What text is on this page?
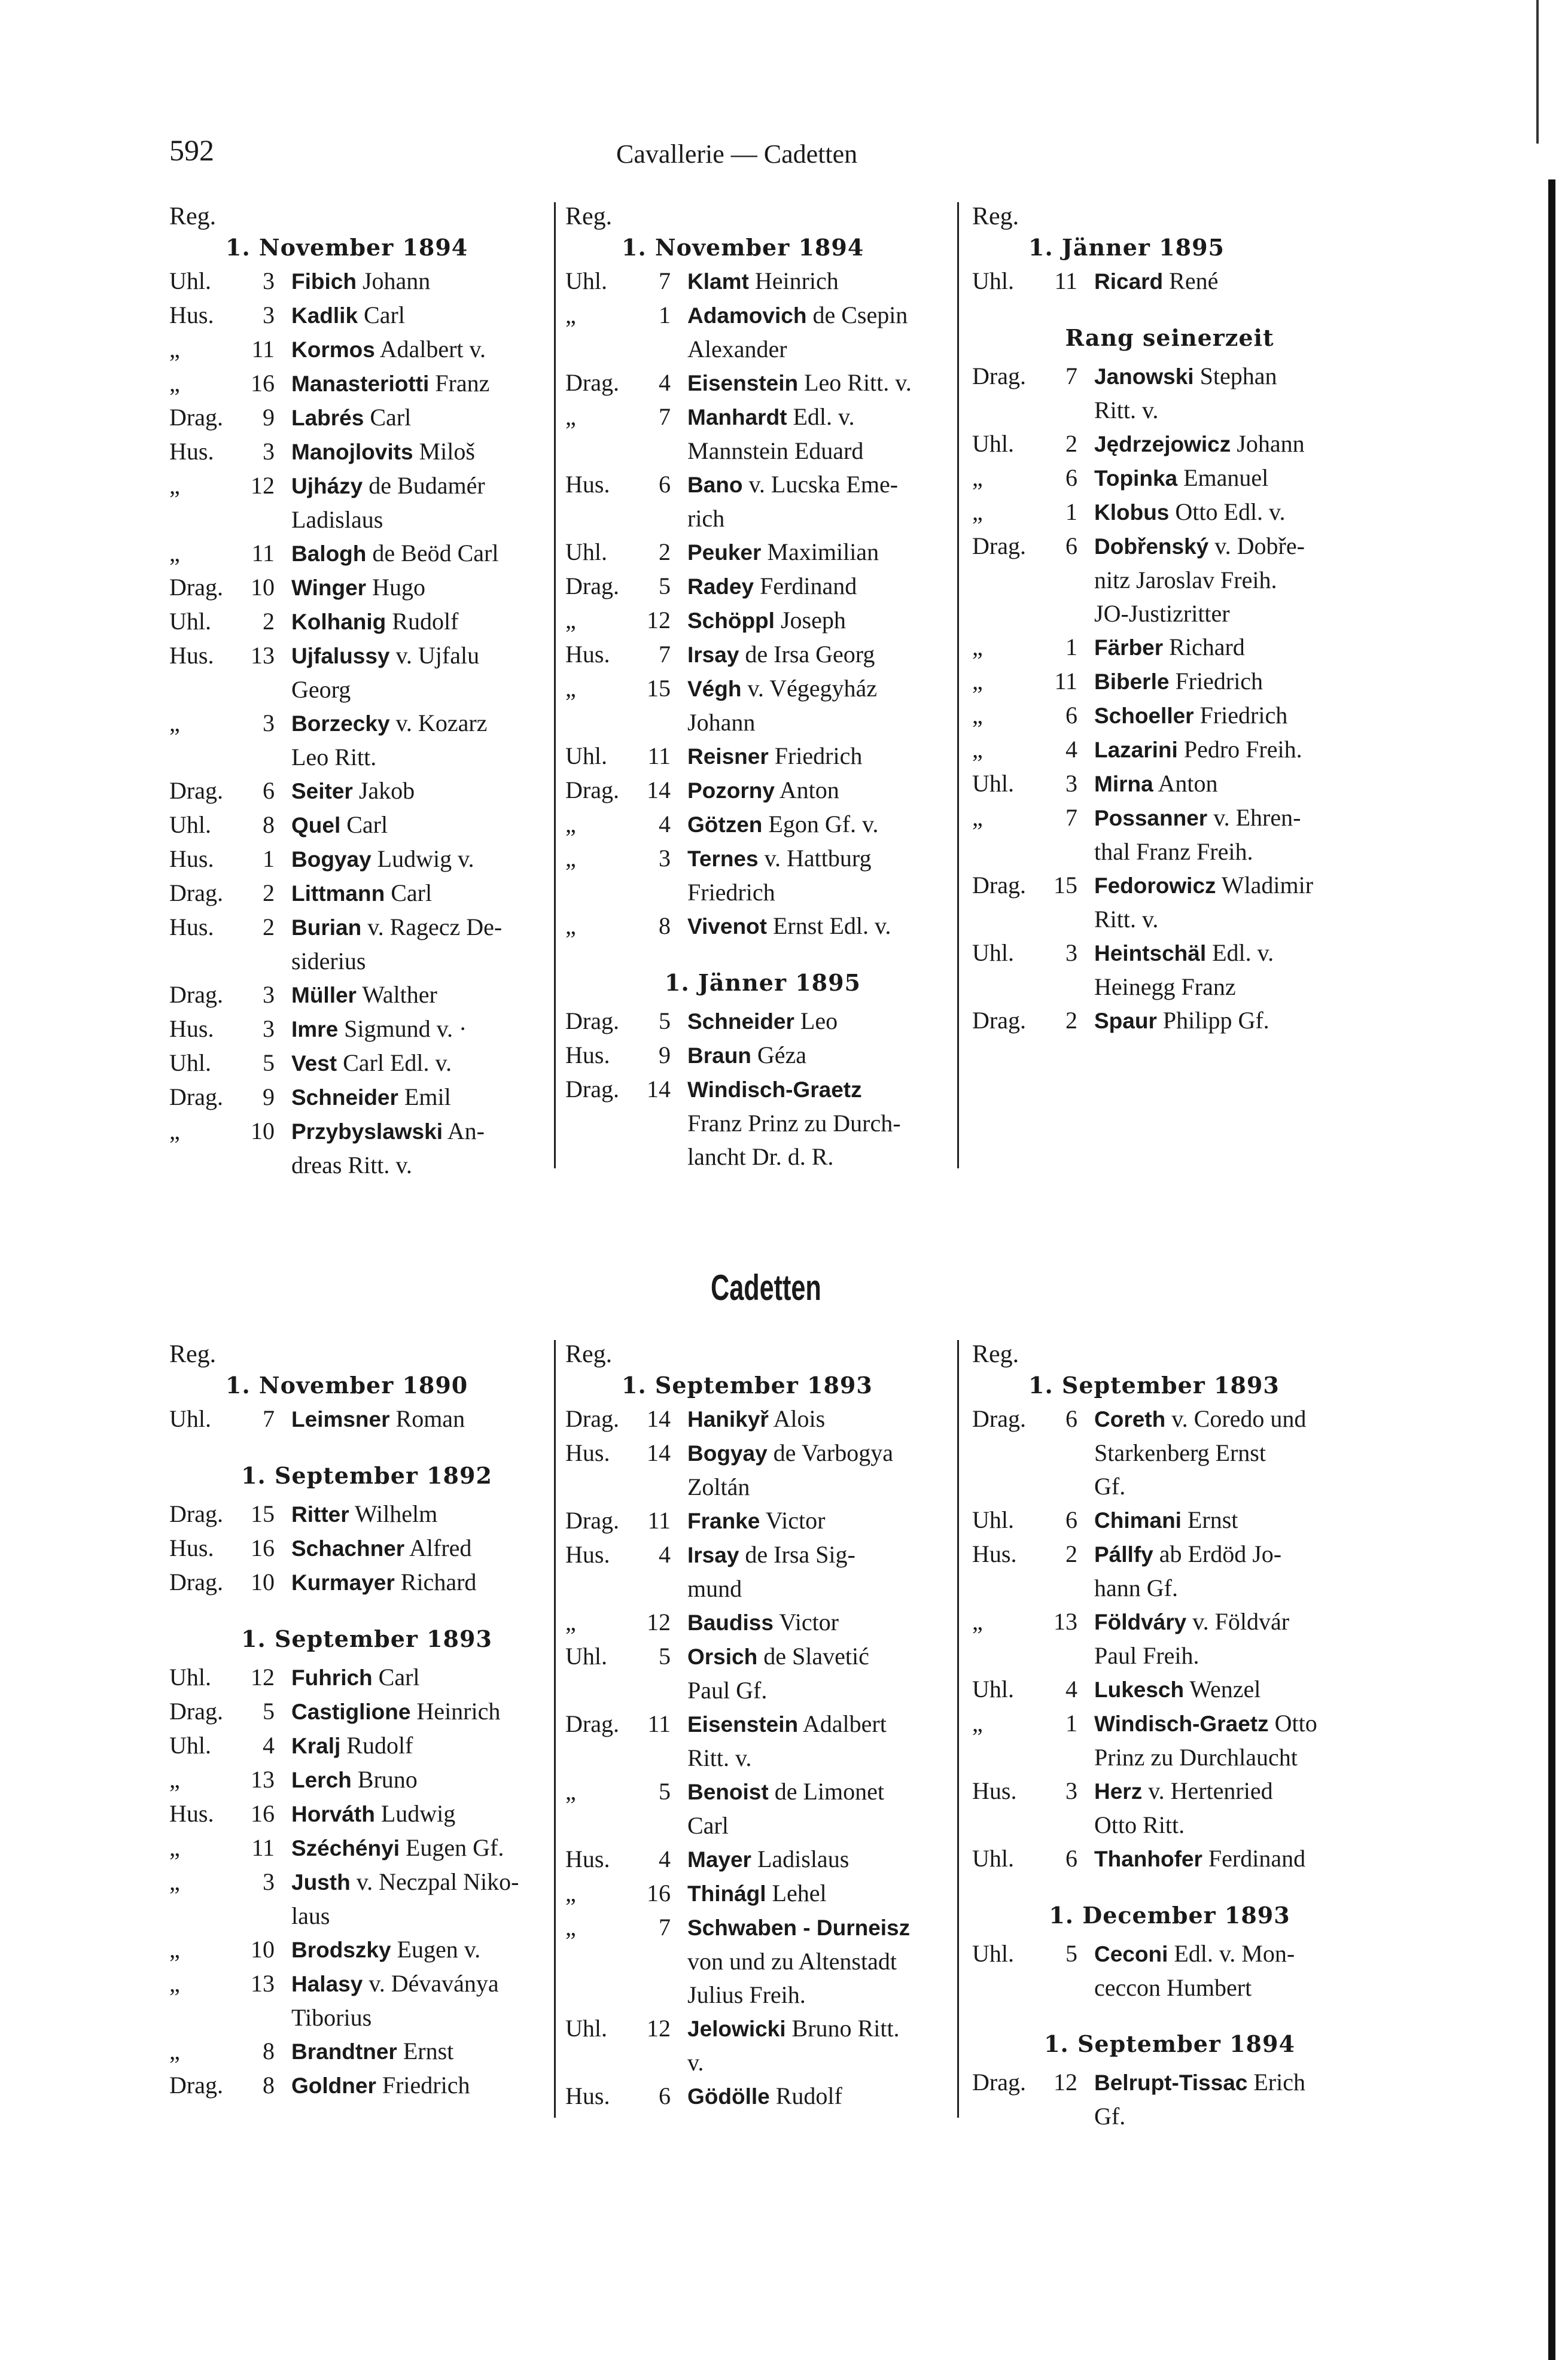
592	Cavallerie — Cadetten
Reg.
1. November 1894
Uhl.	3 Fibich Johann
Hus.	3 Kadlik Carl
„	11 Kormos Adalbert v.
„	16 Manasteriotti Franz
Drag.	9 Labrés Carl
Hus.	3 Manojlovits Miloš
„	12 Ujházy de Budamér
Ladislaus
„	11 Balogh de Beöd Carl
Drag.	10 Winger Hugo
Uhl.	2 Kolhanig Rudolf
Hus.	13 Ujfalussy v. Ujfalu
Georg
„	3 Borzecky v. Kozarz
Leo Ritt.
Drag.	6 Seiter Jakob
Uhl.	8 Quel Carl
Hus.	1 Bogyay Ludwig v.
Drag.	2 Littmann Carl
Hus.	2 Burian v. Ragecz De-
siderius
Drag.	3 Müller Walther
Hus.	3 Imre Sigmund v. ·
Uhl.	5 Vest Carl Edl. v.
Drag.	9 Schneider Emil
„	10 Przybyslawski An-
dreas Ritt. v.
Reg.
1. November 1894
Uhl.	7 Klamt Heinrich
„	1 Adamovich de Csepin
Alexander
Drag.	4 Eisenstein Leo Ritt. v.
„	7 Manhardt Edl. v.
Mannstein Eduard
Hus.	6 Bano v. Lucska Eme-
rich
Uhl.	2 Peuker Maximilian
Drag.	5 Radey Ferdinand
„	12 Schöppl Joseph
Hus.	7 Irsay de Irsa Georg
„	15 Végh v. Végegyház
Johann
Uhl.	11 Reisner Friedrich
Drag.	14 Pozorny Anton
„	4 Götzen Egon Gf. v.
„	3 Ternes v. Hattburg
Friedrich
„	8 Vivenot Ernst Edl. v.
1. Jänner 1895
Drag.	5 Schneider Leo
Hus.	9 Braun Géza
Drag.	14 Windisch-Graetz
Franz Prinz zu Durch-
lancht Dr. d. R.
Reg.
1. Jänner 1895
Uhl.	11 Ricard René
Rang seinerzeit
Drag.	7 Janowski Stephan
Ritt. v.
Uhl.	2 Jędrzejowicz Johann
„	6 Topinka Emanuel
„	1 Klobus Otto Edl. v.
Drag.	6 Dobřenský v. Dobře-
nitz Jaroslav Freih.
JO-Justizritter
„	1 Färber Richard
„	11 Biberle Friedrich
„	6 Schoeller Friedrich
„	4 Lazarini Pedro Freih.
Uhl.	3 Mirna Anton
„	7 Possanner v. Ehren-
thal Franz Freih.
Drag.	15 Fedorowicz Wladimir
Ritt. v.
Uhl.	3 Heintschäl Edl. v.
Heinegg Franz
Drag.	2 Spaur Philipp Gf.
Cadetten
Reg.
1. November 1890
Uhl.	7 Leimsner Roman
1. September 1892
Drag.	15 Ritter Wilhelm
Hus.	16 Schachner Alfred
Drag.	10 Kurmayer Richard
1. September 1893
Uhl.	12 Fuhrich Carl
Drag.	5 Castiglione Heinrich
Uhl.	4 Kralj Rudolf
„	13 Lerch Bruno
Hus.	16 Horváth Ludwig
„	11 Széchényi Eugen Gf.
„	3 Justh v. Neczpal Niko-
laus
„	10 Brodszky Eugen v.
„	13 Halasy v. Dévaványa
Tiborius
„	8 Brandtner Ernst
Drag.	8 Goldner Friedrich
Reg.
1. September 1893
Drag.	14 Hanikyř Alois
Hus.	14 Bogyay de Varbogya
Zoltán
Drag.	11 Franke Victor
Hus.	4 Irsay de Irsa Sig-
mund
„	12 Baudiss Victor
Uhl.	5 Orsich de Slavetić
Paul Gf.
Drag.	11 Eisenstein Adalbert
Ritt. v.
„	5 Benoist de Limonet
Carl
Hus.	4 Mayer Ladislaus
„	16 Thinágl Lehel
„	7 Schwaben - Durneisz
von und zu Altenstadt
Julius Freih.
Uhl.	12 Jelowicki Bruno Ritt.
v.
Hus.	6 Gödölle Rudolf
Reg.
1. September 1893
Drag.	6 Coreth v. Coredo und
Starkenberg Ernst
Gf.
Uhl.	6 Chimani Ernst
Hus.	2 Pállfy ab Erdöd Jo-
hann Gf.
„	13 Földváry v. Földvár
Paul Freih.
Uhl.	4 Lukesch Wenzel
„	1 Windisch-Graetz Otto
Prinz zu Durchlaucht
Hus.	3 Herz v. Hertenried
Otto Ritt.
Uhl.	6 Thanhofer Ferdinand
1. December 1893
Uhl.	5 Ceconi Edl. v. Mon-
ceccon Humbert
1. September 1894
Drag.	12 Belrupt-Tissac Erich
Gf.
